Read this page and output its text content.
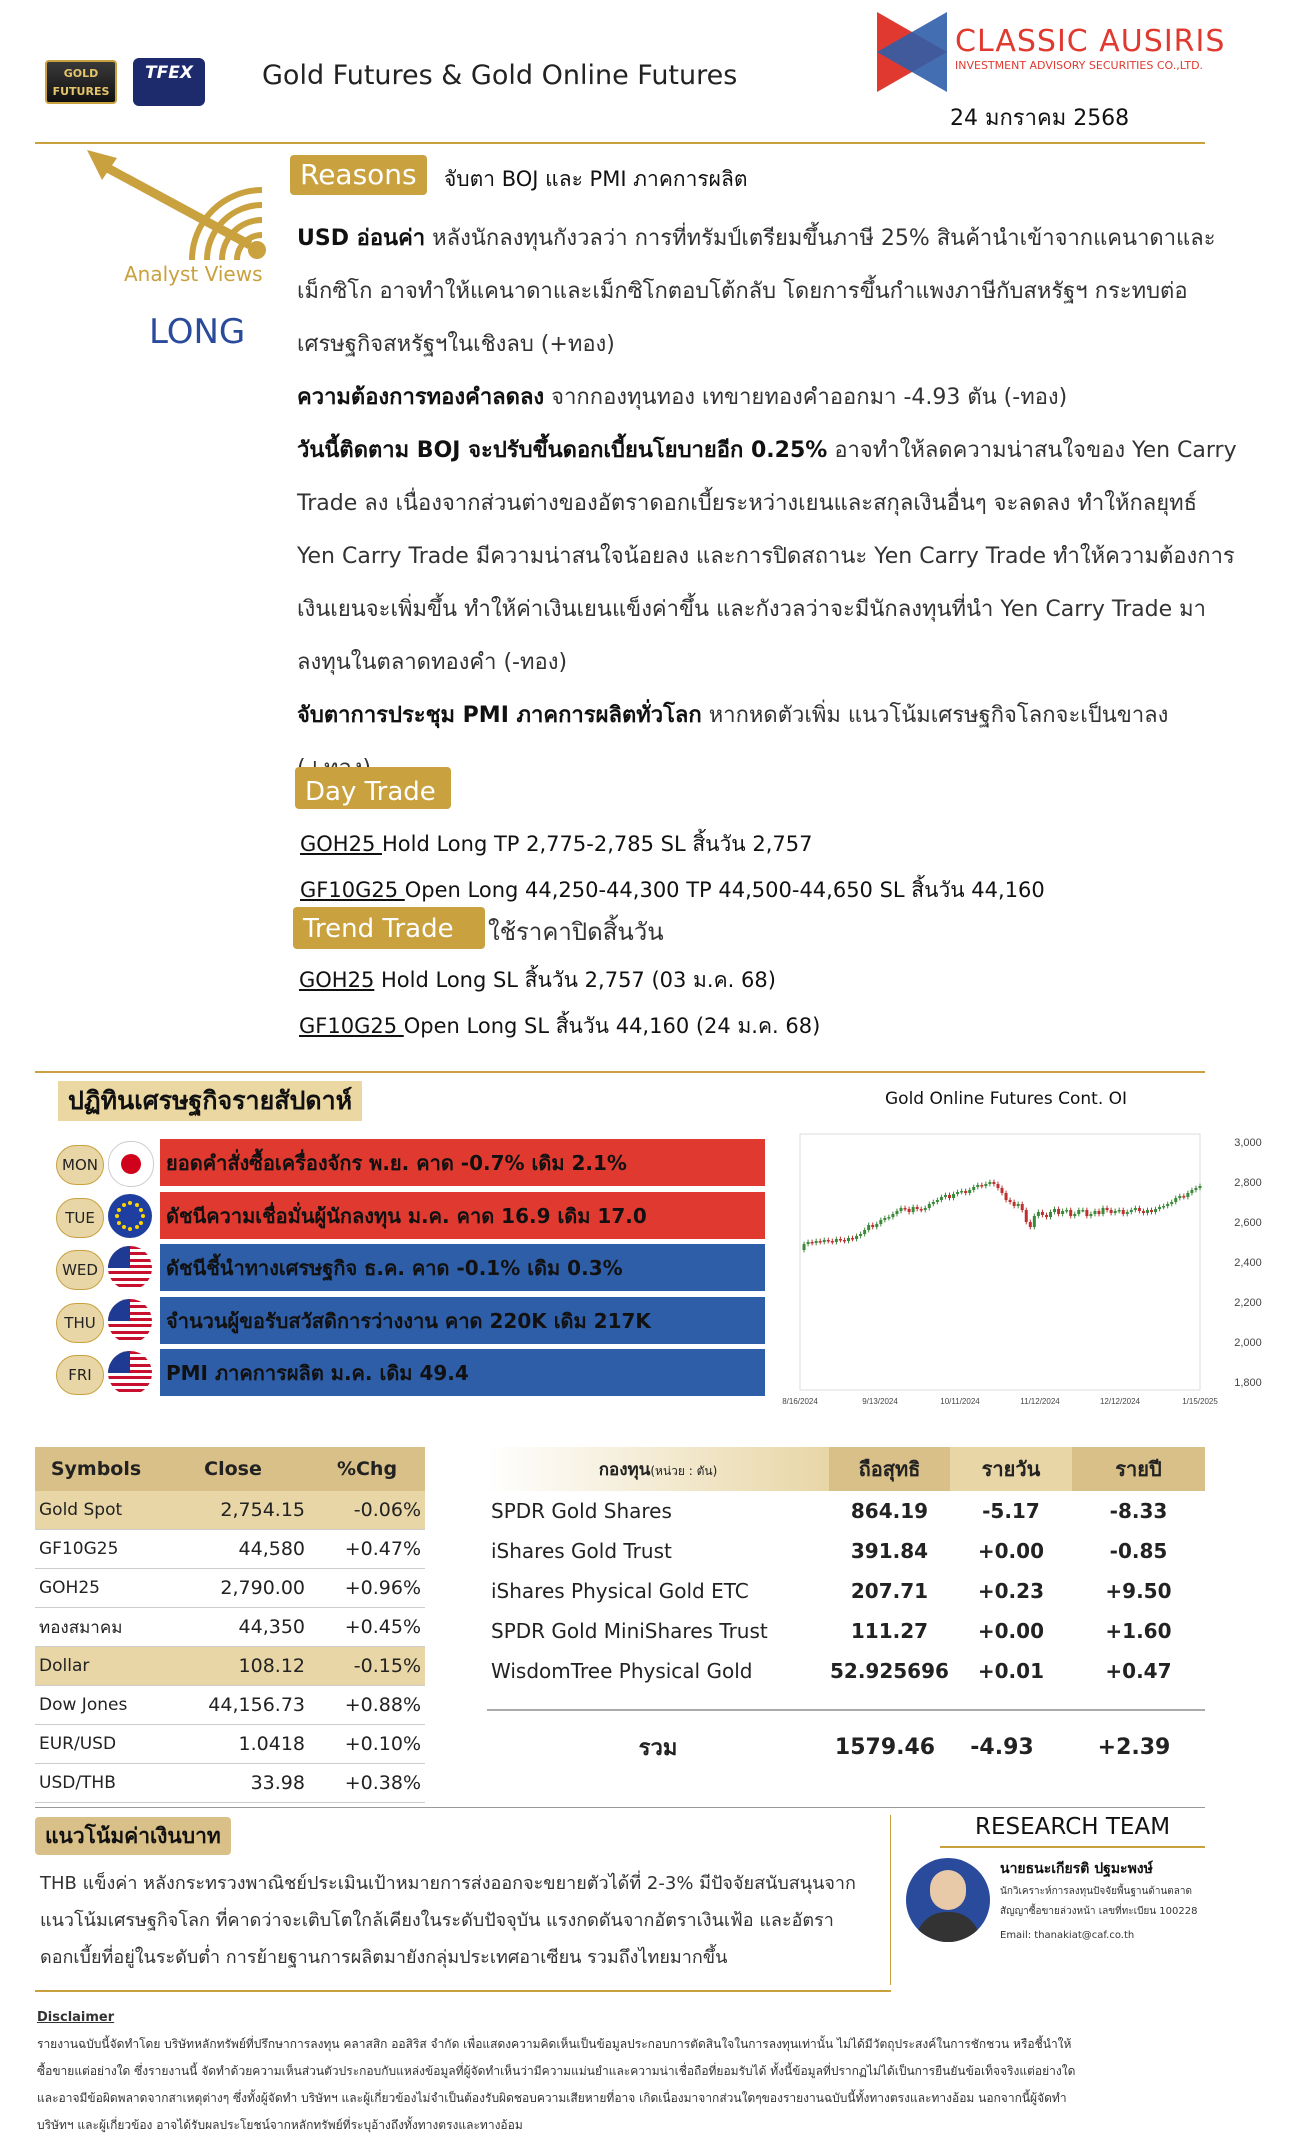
GOLD FUTURES
TFEX	Gold Futures & Gold Online Futures
CLASSIC AUSIRIS
INVESTMENT ADVISORY SECURITIES CO.,LTD.
24 มกราคม 2568
Analyst Views
LONG
Reasons	จับตา BOJ และ PMI ภาคการผลิต
USD อ่อนค่า หลังนักลงทุนกังวลว่า การที่ทรัมป์เตรียมขึ้นภาษี 25% สินค้านำเข้าจากแคนาดาและเม็กซิโก อาจทำให้แคนาดาและเม็กซิโกตอบโต้กลับ โดยการขึ้นกำแพงภาษีกับสหรัฐฯ กระทบต่อเศรษฐกิจสหรัฐฯในเชิงลบ (+ทอง)
ความต้องการทองคำลดลง จากกองทุนทอง เทขายทองคำออกมา -4.93 ตัน (-ทอง)
วันนี้ติดตาม BOJ จะปรับขึ้นดอกเบี้ยนโยบายอีก 0.25% อาจทำให้ลดความน่าสนใจของ Yen Carry Trade ลง เนื่องจากส่วนต่างของอัตราดอกเบี้ยระหว่างเยนและสกุลเงินอื่นๆ จะลดลง ทำให้กลยุทธ์ Yen Carry Trade มีความน่าสนใจน้อยลง และการปิดสถานะ Yen Carry Trade ทำให้ความต้องการเงินเยนจะเพิ่มขึ้น ทำให้ค่าเงินเยนแข็งค่าขึ้น และกังวลว่าจะมีนักลงทุนที่นำ Yen Carry Trade มาลงทุนในตลาดทองคำ (-ทอง)
จับตาการประชุม PMI ภาคการผลิตทั่วโลก หากหดตัวเพิ่ม แนวโน้มเศรษฐกิจโลกจะเป็นขาลง
Day Trade
GOH25 Hold Long TP 2,775-2,785 SL สิ้นวัน 2,757
GF10G25 Open Long 44,250-44,300 TP 44,500-44,650 SL สิ้นวัน 44,160
Trend Trade	ใช้ราคาปิดสิ้นวัน
GOH25 Hold Long SL สิ้นวัน 2,757 (03 ม.ค. 68)
GF10G25 Open Long SL สิ้นวัน 44,160 (24 ม.ค. 68)
ปฏิทินเศรษฐกิจรายสัปดาห์
MON	ยอดคำสั่งซื้อเครื่องจักร พ.ย. คาด -0.7% เดิม 2.1%
TUE	ดัชนีความเชื่อมั่นผู้นักลงทุน ม.ค. คาด 16.9 เดิม 17.0
WED	ดัชนีชี้นำทางเศรษฐกิจ ธ.ค. คาด -0.1% เดิม 0.3%
THU	จำนวนผู้ขอรับสวัสดิการว่างงาน คาด 220K เดิม 217K
FRI	PMI ภาคการผลิต ม.ค. เดิม 49.4
Gold Online Futures Cont. OI
3,000
2,800
2,600
2,400
2,200
2,000
1,800
8/16/2024	9/13/2024	10/11/2024	11/12/2024	12/12/2024	1/15/2025
Symbols	Close	%Chg
Gold Spot	2,754.15	-0.06%
GF10G25	44,580	+0.47%
GOH25	2,790.00	+0.96%
ทองสมาคม	44,350	+0.45%
Dollar	108.12	-0.15%
Dow Jones	44,156.73	+0.88%
EUR/USD	1.0418	+0.10%
USD/THB	33.98	+0.38%
กองทุน(หน่วย : ตัน)	ถือสุทธิ	รายวัน	รายปี
SPDR Gold Shares	864.19	-5.17	-8.33
iShares Gold Trust	391.84	+0.00	-0.85
iShares Physical Gold ETC	207.71	+0.23	+9.50
SPDR Gold MiniShares Trust	111.27	+0.00	+1.60
WisdomTree Physical Gold	52.925696	+0.01	+0.47
รวม	1579.46	-4.93	+2.39
แนวโน้มค่าเงินบาท
THB แข็งค่า หลังกระทรวงพาณิชย์ประเมินเป้าหมายการส่งออกจะขยายตัวได้ที่ 2-3% มีปัจจัยสนับสนุนจากแนวโน้มเศรษฐกิจโลก ที่คาดว่าจะเติบโตใกล้เคียงในระดับปัจจุบัน แรงกดดันจากอัตราเงินเฟ้อ และอัตราดอกเบี้ยที่อยู่ในระดับต่ำ การย้ายฐานการผลิตมายังกลุ่มประเทศอาเซียน รวมถึงไทยมากขึ้น
RESEARCH TEAM
นายธนะเกียรติ ปฐมะพงษ์
นักวิเคราะห์การลงทุนปัจจัยพื้นฐานด้านตลาดสัญญาซื้อขายล่วงหน้า เลขที่ทะเบียน 100228
Email: thanakiat@caf.co.th
Disclaimer
รายงานฉบับนี้จัดทำโดย บริษัทหลักทรัพย์ที่ปรึกษาการลงทุน คลาสสิก ออสิริส จำกัด เพื่อแสดงความคิดเห็นเป็นข้อมูลประกอบการตัดสินใจในการลงทุนเท่านั้น ไม่ได้มีวัตถุประสงค์ในการชักชวน หรือชี้นำให้
ซื้อขายแต่อย่างใด ซึ่งรายงานนี้ จัดทำด้วยความเห็นส่วนตัวประกอบกับแหล่งข้อมูลที่ผู้จัดทำเห็นว่ามีความแม่นยำและความน่าเชื่อถือที่ยอมรับได้ ทั้งนี้ข้อมูลที่ปรากฏไม่ได้เป็นการยืนยันข้อเท็จจริงแต่อย่างใด
และอาจมีข้อผิดพลาดจากสาเหตุต่างๆ ซึ่งทั้งผู้จัดทำ บริษัทฯ และผู้เกี่ยวข้องไม่จำเป็นต้องรับผิดชอบความเสียหายที่อาจ เกิดเนื่องมาจากส่วนใดๆของรายงานฉบับนี้ทั้งทางตรงและทางอ้อม นอกจากนี้ผู้จัดทำ
บริษัทฯ และผู้เกี่ยวข้อง อาจได้รับผลประโยชน์จากหลักทรัพย์ที่ระบุอ้างถึงทั้งทางตรงและทางอ้อม
